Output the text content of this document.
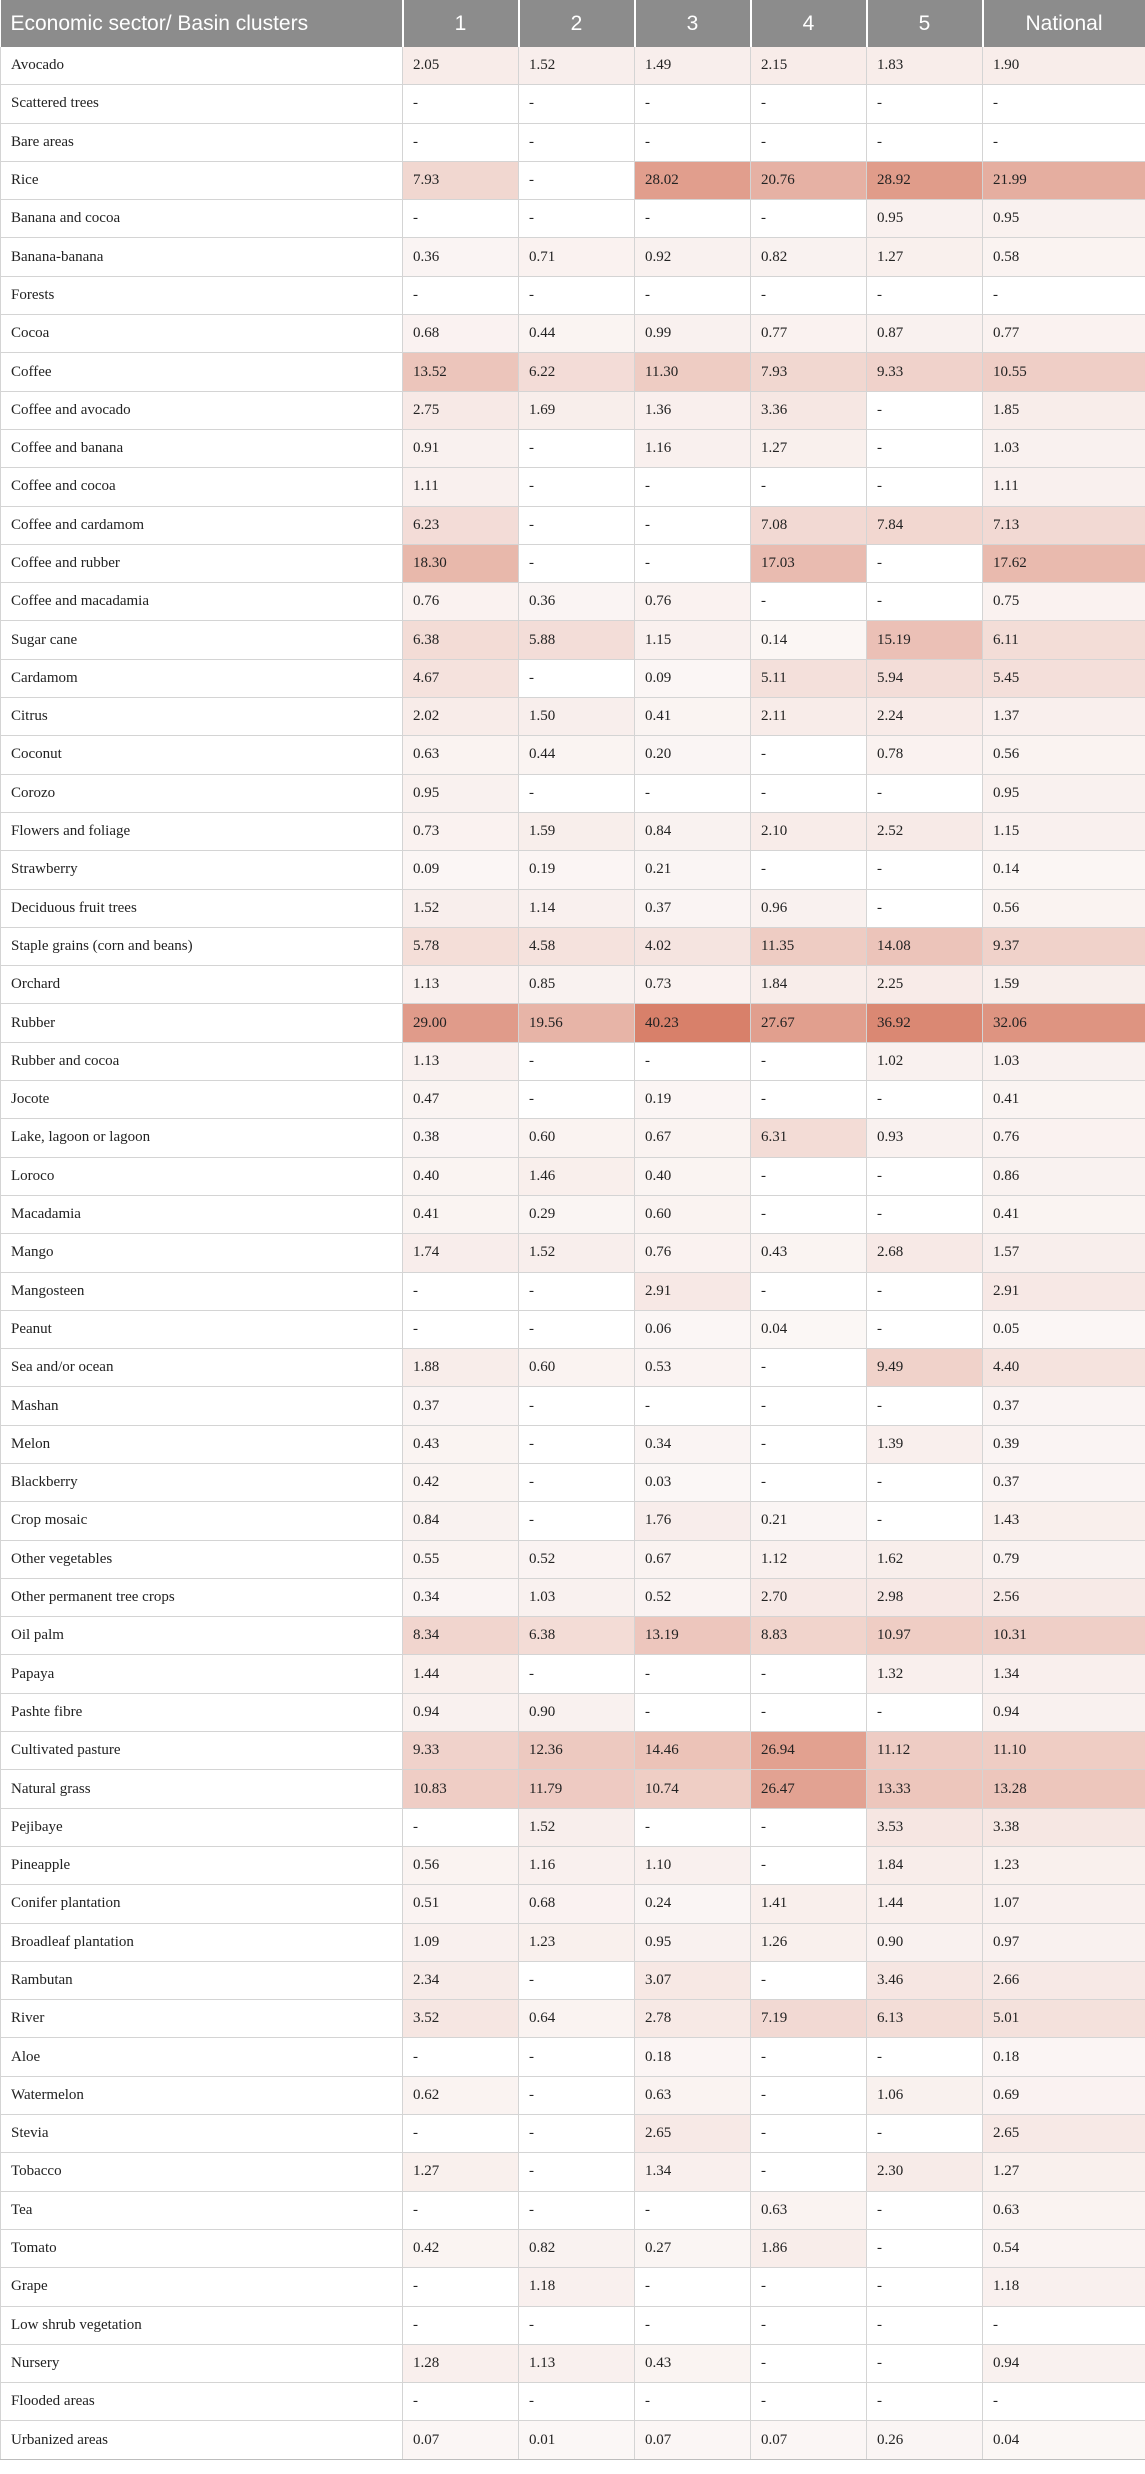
Economic sector/ Basin clusters	1	2	3	4	5	National
Avocado	2.05	1.52	1.49	2.15	1.83	1.90
Scattered trees	-	-	-	-	-	-
Bare areas	-	-	-	-	-	-
Rice	7.93	-	28.02	20.76	28.92	21.99
Banana and cocoa	-	-	-	-	0.95	0.95
Banana-banana	0.36	0.71	0.92	0.82	1.27	0.58
Forests	-	-	-	-	-	-
Cocoa	0.68	0.44	0.99	0.77	0.87	0.77
Coffee	13.52	6.22	11.30	7.93	9.33	10.55
Coffee and avocado	2.75	1.69	1.36	3.36	-	1.85
Coffee and banana	0.91	-	1.16	1.27	-	1.03
Coffee and cocoa	1.11	-	-	-	-	1.11
Coffee and cardamom	6.23	-	-	7.08	7.84	7.13
Coffee and rubber	18.30	-	-	17.03	-	17.62
Coffee and macadamia	0.76	0.36	0.76	-	-	0.75
Sugar cane	6.38	5.88	1.15	0.14	15.19	6.11
Cardamom	4.67	-	0.09	5.11	5.94	5.45
Citrus	2.02	1.50	0.41	2.11	2.24	1.37
Coconut	0.63	0.44	0.20	-	0.78	0.56
Corozo	0.95	-	-	-	-	0.95
Flowers and foliage	0.73	1.59	0.84	2.10	2.52	1.15
Strawberry	0.09	0.19	0.21	-	-	0.14
Deciduous fruit trees	1.52	1.14	0.37	0.96	-	0.56
Staple grains (corn and beans)	5.78	4.58	4.02	11.35	14.08	9.37
Orchard	1.13	0.85	0.73	1.84	2.25	1.59
Rubber	29.00	19.56	40.23	27.67	36.92	32.06
Rubber and cocoa	1.13	-	-	-	1.02	1.03
Jocote	0.47	-	0.19	-	-	0.41
Lake, lagoon or lagoon	0.38	0.60	0.67	6.31	0.93	0.76
Loroco	0.40	1.46	0.40	-	-	0.86
Macadamia	0.41	0.29	0.60	-	-	0.41
Mango	1.74	1.52	0.76	0.43	2.68	1.57
Mangosteen	-	-	2.91	-	-	2.91
Peanut	-	-	0.06	0.04	-	0.05
Sea and/or ocean	1.88	0.60	0.53	-	9.49	4.40
Mashan	0.37	-	-	-	-	0.37
Melon	0.43	-	0.34	-	1.39	0.39
Blackberry	0.42	-	0.03	-	-	0.37
Crop mosaic	0.84	-	1.76	0.21	-	1.43
Other vegetables	0.55	0.52	0.67	1.12	1.62	0.79
Other permanent tree crops	0.34	1.03	0.52	2.70	2.98	2.56
Oil palm	8.34	6.38	13.19	8.83	10.97	10.31
Papaya	1.44	-	-	-	1.32	1.34
Pashte fibre	0.94	0.90	-	-	-	0.94
Cultivated pasture	9.33	12.36	14.46	26.94	11.12	11.10
Natural grass	10.83	11.79	10.74	26.47	13.33	13.28
Pejibaye	-	1.52	-	-	3.53	3.38
Pineapple	0.56	1.16	1.10	-	1.84	1.23
Conifer plantation	0.51	0.68	0.24	1.41	1.44	1.07
Broadleaf plantation	1.09	1.23	0.95	1.26	0.90	0.97
Rambutan	2.34	-	3.07	-	3.46	2.66
River	3.52	0.64	2.78	7.19	6.13	5.01
Aloe	-	-	0.18	-	-	0.18
Watermelon	0.62	-	0.63	-	1.06	0.69
Stevia	-	-	2.65	-	-	2.65
Tobacco	1.27	-	1.34	-	2.30	1.27
Tea	-	-	-	0.63	-	0.63
Tomato	0.42	0.82	0.27	1.86	-	0.54
Grape	-	1.18	-	-	-	1.18
Low shrub vegetation	-	-	-	-	-	-
Nursery	1.28	1.13	0.43	-	-	0.94
Flooded areas	-	-	-	-	-	-
Urbanized areas	0.07	0.01	0.07	0.07	0.26	0.04
